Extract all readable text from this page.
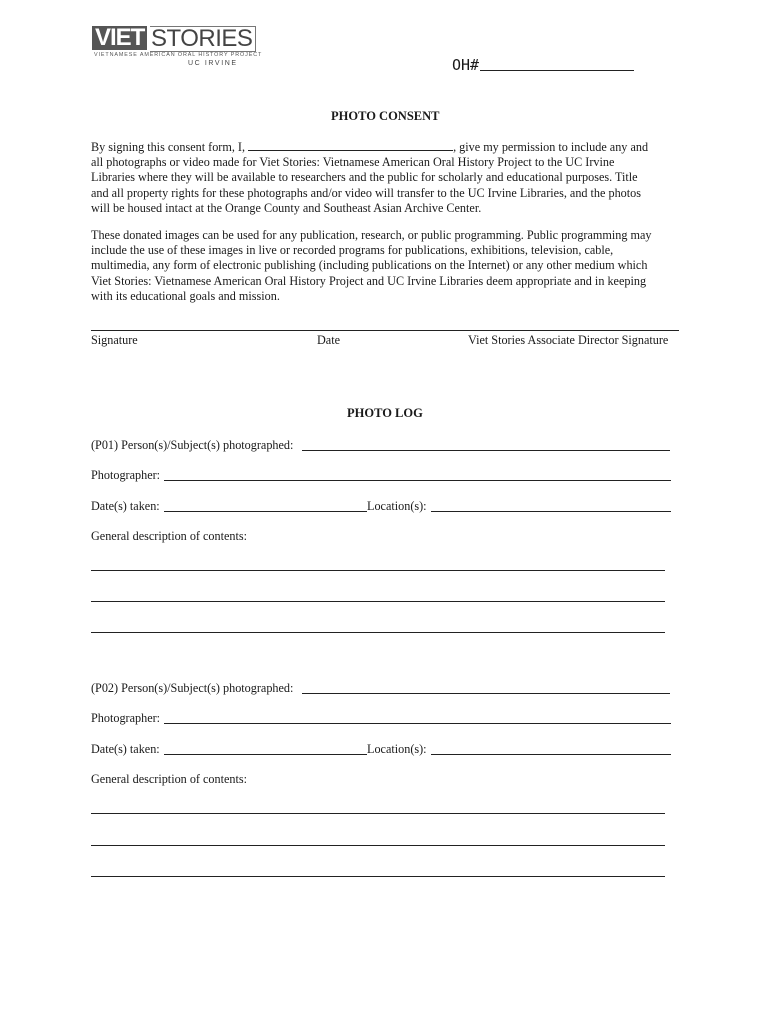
VIET STORIES
VIETNAMESE AMERICAN ORAL HISTORY PROJECT
UC IRVINE	OH#
PHOTO CONSENT
By signing this consent form, I,	, give my permission to include any and
all photographs or video made for Viet Stories: Vietnamese American Oral History Project to the UC Irvine
Libraries where they will be available to researchers and the public for scholarly and educational purposes. Title
and all property rights for these photographs and/or video will transfer to the UC Irvine Libraries, and the photos
will be housed intact at the Orange County and Southeast Asian Archive Center.
These donated images can be used for any publication, research, or public programming. Public programming may
include the use of these images in live or recorded programs for publications, exhibitions, television, cable,
multimedia, any form of electronic publishing (including publications on the Internet) or any other medium which
Viet Stories: Vietnamese American Oral History Project and UC Irvine Libraries deem appropriate and in keeping
with its educational goals and mission.
Signature	Date	Viet Stories Associate Director Signature
PHOTO LOG
(P01) Person(s)/Subject(s) photographed:
Photographer:
Date(s) taken:	Location(s):
General description of contents:
(P02) Person(s)/Subject(s) photographed:
Photographer:
Date(s) taken:	Location(s):
General description of contents:
